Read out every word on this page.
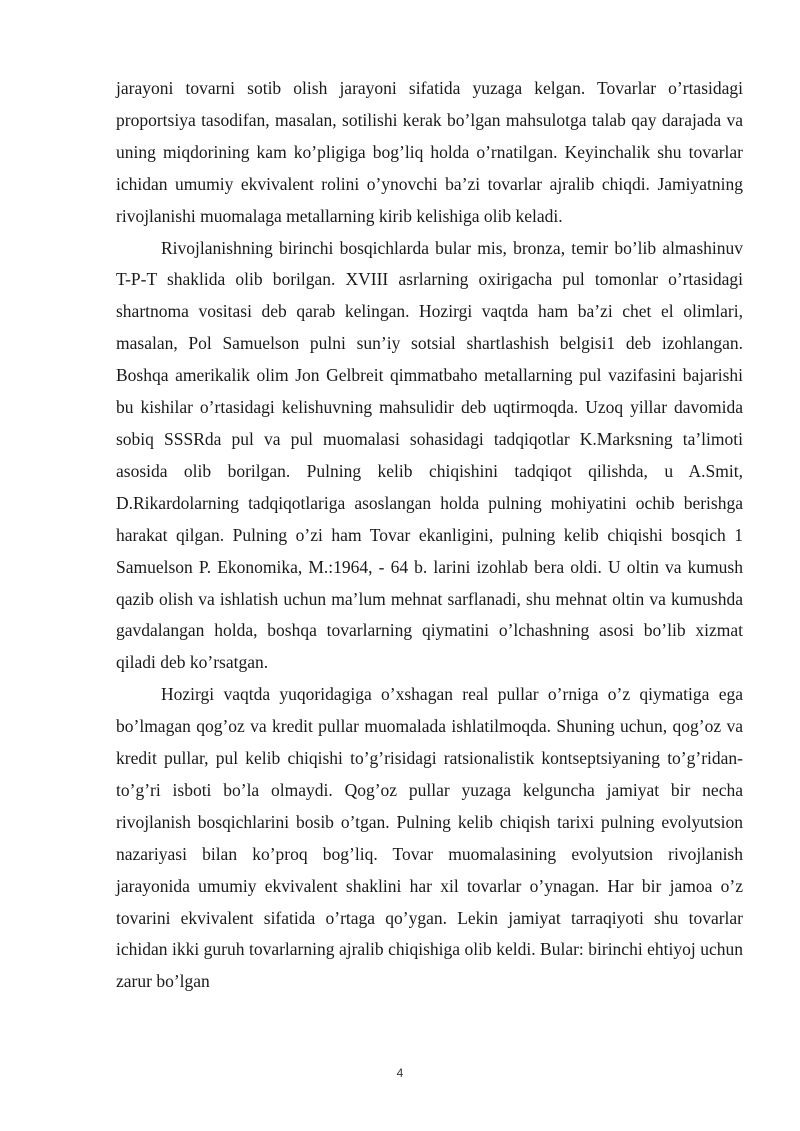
jarayoni tovarni sotib olish jarayoni sifatida yuzaga kelgan. Tovarlar o’rtasidagi proportsiya tasodifan, masalan, sotilishi kerak bo’lgan mahsulotga talab qay darajada va uning miqdorining kam ko’pligiga bog’liq holda o’rnatilgan. Keyinchalik shu tovarlar ichidan umumiy ekvivalent rolini o’ynovchi ba’zi tovarlar ajralib chiqdi. Jamiyatning rivojlanishi muomalaga metallarning kirib kelishiga olib keladi.

Rivojlanishning birinchi bosqichlarda bular mis, bronza, temir bo’lib almashinuv T-P-T shaklida olib borilgan. XVIII asrlarning oxirigacha pul tomonlar o’rtasidagi shartnoma vositasi deb qarab kelingan. Hozirgi vaqtda ham ba’zi chet el olimlari, masalan, Pol Samuelson pulni sun’iy sotsial shartlashish belgisi1 deb izohlangan. Boshqa amerikalik olim Jon Gelbreit qimmatbaho metallarning pul vazifasini bajarishi bu kishilar o’rtasidagi kelishuvning mahsulidir deb uqtirmoqda. Uzoq yillar davomida sobiq SSSRda pul va pul muomalasi sohasidagi tadqiqotlar K.Marksning ta’limoti asosida olib borilgan. Pulning kelib chiqishini tadqiqot qilishda, u A.Smit, D.Rikardolarning tadqiqotlariga asoslangan holda pulning mohiyatini ochib berishga harakat qilgan. Pulning o’zi ham Tovar ekanligini, pulning kelib chiqishi bosqich 1 Samuelson P. Ekonomika, M.:1964, - 64 b. larini izohlab bera oldi. U oltin va kumush qazib olish va ishlatish uchun ma’lum mehnat sarflanadi, shu mehnat oltin va kumushda gavdalangan holda, boshqa tovarlarning qiymatini o’lchashning asosi bo’lib xizmat qiladi deb ko’rsatgan.

Hozirgi vaqtda yuqoridagiga o’xshagan real pullar o’rniga o’z qiymatiga ega bo’lmagan qog’oz va kredit pullar muomalada ishlatilmoqda. Shuning uchun, qog’oz va kredit pullar, pul kelib chiqishi to’g’risidagi ratsionalistik kontseptsiyaning to’g’ridan-to’g’ri isboti bo’la olmaydi. Qog’oz pullar yuzaga kelguncha jamiyat bir necha rivojlanish bosqichlarini bosib o’tgan. Pulning kelib chiqish tarixi pulning evolyutsion nazariyasi bilan ko’proq bog’liq. Tovar muomalasining evolyutsion rivojlanish jarayonida umumiy ekvivalent shaklini har xil tovarlar o’ynagan. Har bir jamoa o’z tovarini ekvivalent sifatida o’rtaga qo’ygan. Lekin jamiyat tarraqiyoti shu tovarlar ichidan ikki guruh tovarlarning ajralib chiqishiga olib keldi. Bular: birinchi ehtiyoj uchun zarur bo’lgan

4
